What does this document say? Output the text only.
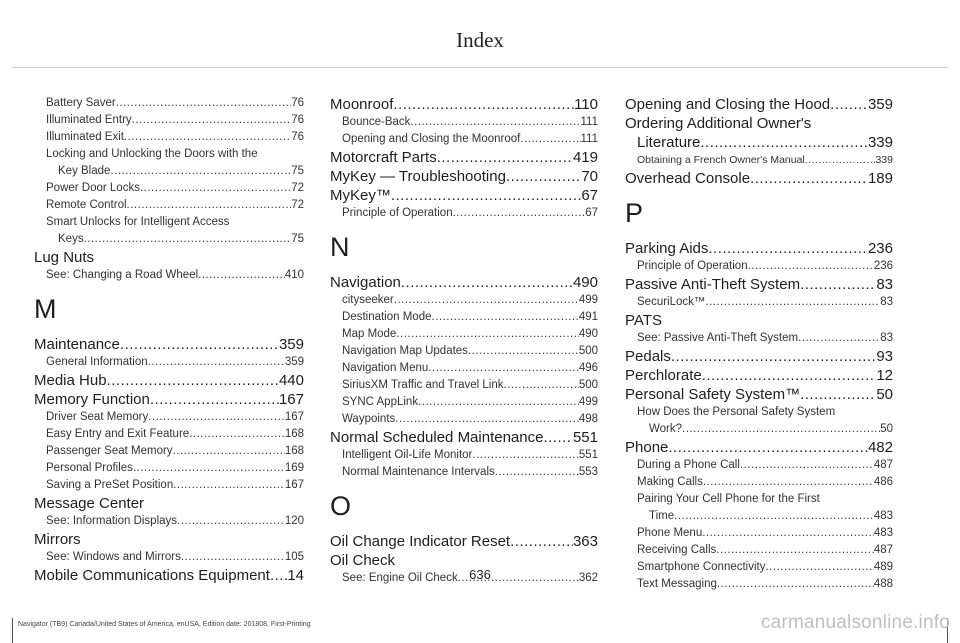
Index
Battery Saver .....	76
Illuminated Entry .....	76
Illuminated Exit .....	76
Locking and Unlocking the Doors with the
Key Blade .....	75
Power Door Locks .....	72
Remote Control .....	72
Smart Unlocks for Intelligent Access
Keys .....	75
Lug Nuts
See: Changing a Road Wheel .....	410
M
Maintenance .....	359
General Information .....	359
Media Hub .....	440
Memory Function .....	167
Driver Seat Memory .....	167
Easy Entry and Exit Feature .....	168
Passenger Seat Memory .....	168
Personal Profiles .....	169
Saving a PreSet Position .....	167
Message Center
See: Information Displays .....	120
Mirrors
See: Windows and Mirrors .....	105
Mobile Communications Equipment ..... 14
Moonroof .....	110
Bounce-Back .....	111
Opening and Closing the Moonroof .....	111
Motorcraft Parts .....	419
MyKey — Troubleshooting .....	70
MyKey™ .....	67
Principle of Operation .....	67
N
Navigation .....	490
cityseeker .....	499
Destination Mode .....	491
Map Mode .....	490
Navigation Map Updates .....	500
Navigation Menu .....	496
SiriusXM Traffic and Travel Link .....	500
SYNC AppLink .....	499
Waypoints .....	498
Normal Scheduled Maintenance ..... 551
Intelligent Oil-Life Monitor .....	551
Normal Maintenance Intervals .....	553
O
Oil Change Indicator Reset .....	363
Oil Check
See: Engine Oil Check .....	362
Opening and Closing the Hood .....	359
Ordering Additional Owner's
Literature .....	339
Obtaining a French Owner's Manual .....	339
Overhead Console .....	189
P
Parking Aids .....	236
Principle of Operation .....	236
Passive Anti-Theft System .....	83
SecuriLock™ .....	83
PATS
See: Passive Anti-Theft System .....	83
Pedals .....	93
Perchlorate .....	12
Personal Safety System™ .....	50
How Does the Personal Safety System
Work? .....	50
Phone .....	482
During a Phone Call .....	487
Making Calls .....	486
Pairing Your Cell Phone for the First
Time .....	483
Phone Menu .....	483
Receiving Calls .....	487
Smartphone Connectivity .....	489
Text Messaging .....	488
636
Navigator (TB9) Canada/United States of America, enUSA, Edition date: 201808, First-Printing	carmanualsonline.info
